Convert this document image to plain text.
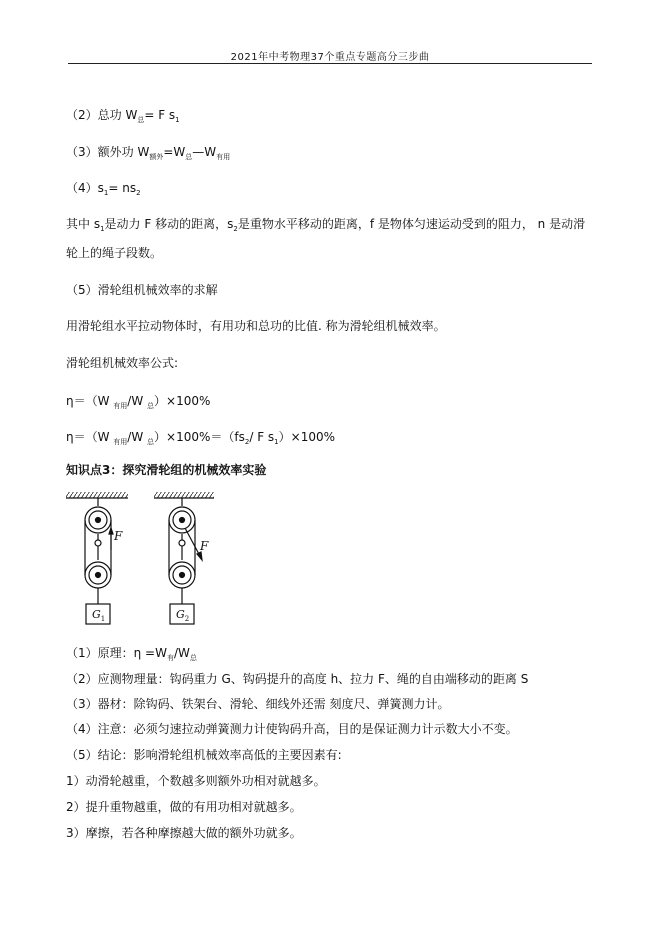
2021年中考物理37个重点专题高分三步曲
（2）总功 $W_总= F$ $s_1$
（3）额外功 $W_{额外}=W_总—W_{有用}$
$(4)s_1= ns_2$
其中 $s_1$是动力 F 移动的距离，$s_2$是重物水平移动的距离，f 是物体匀速运动受到的阻力， n 是动滑轮上的绳子段数。
（5）滑轮组机械效率的求解
用滑轮组水平拉动物体时，有用功和总功的比值. 称为滑轮组机械效率。
滑轮组机械效率公式:
η＝（W $_{有用}$/W $_总$）×100%
η＝（W $_{有用}$/W $_总)\times 100\%=(fs_2/$ F $s_1)\times 100\%$
知识点3：探究滑轮组的机械效率实验
F
$G_1$
F
$G_2$
（1）原理：$\eta =W_有/W_总$
（2）应测物理量：钩码重力 G、钩码提升的高度 h、拉力 F、绳的自由端移动的距离 S
（3）器材：除钩码、铁架台、滑轮、细线外还需 刻度尺、弹簧测力计。
（4）注意：必须匀速拉动弹簧测力计使钩码升高，目的是保证测力计示数大小不变。
（5）结论：影响滑轮组机械效率高低的主要因素有:
1）动滑轮越重，个数越多则额外功相对就越多。
2）提升重物越重，做的有用功相对就越多。
3）摩擦，若各种摩擦越大做的额外功就多。
